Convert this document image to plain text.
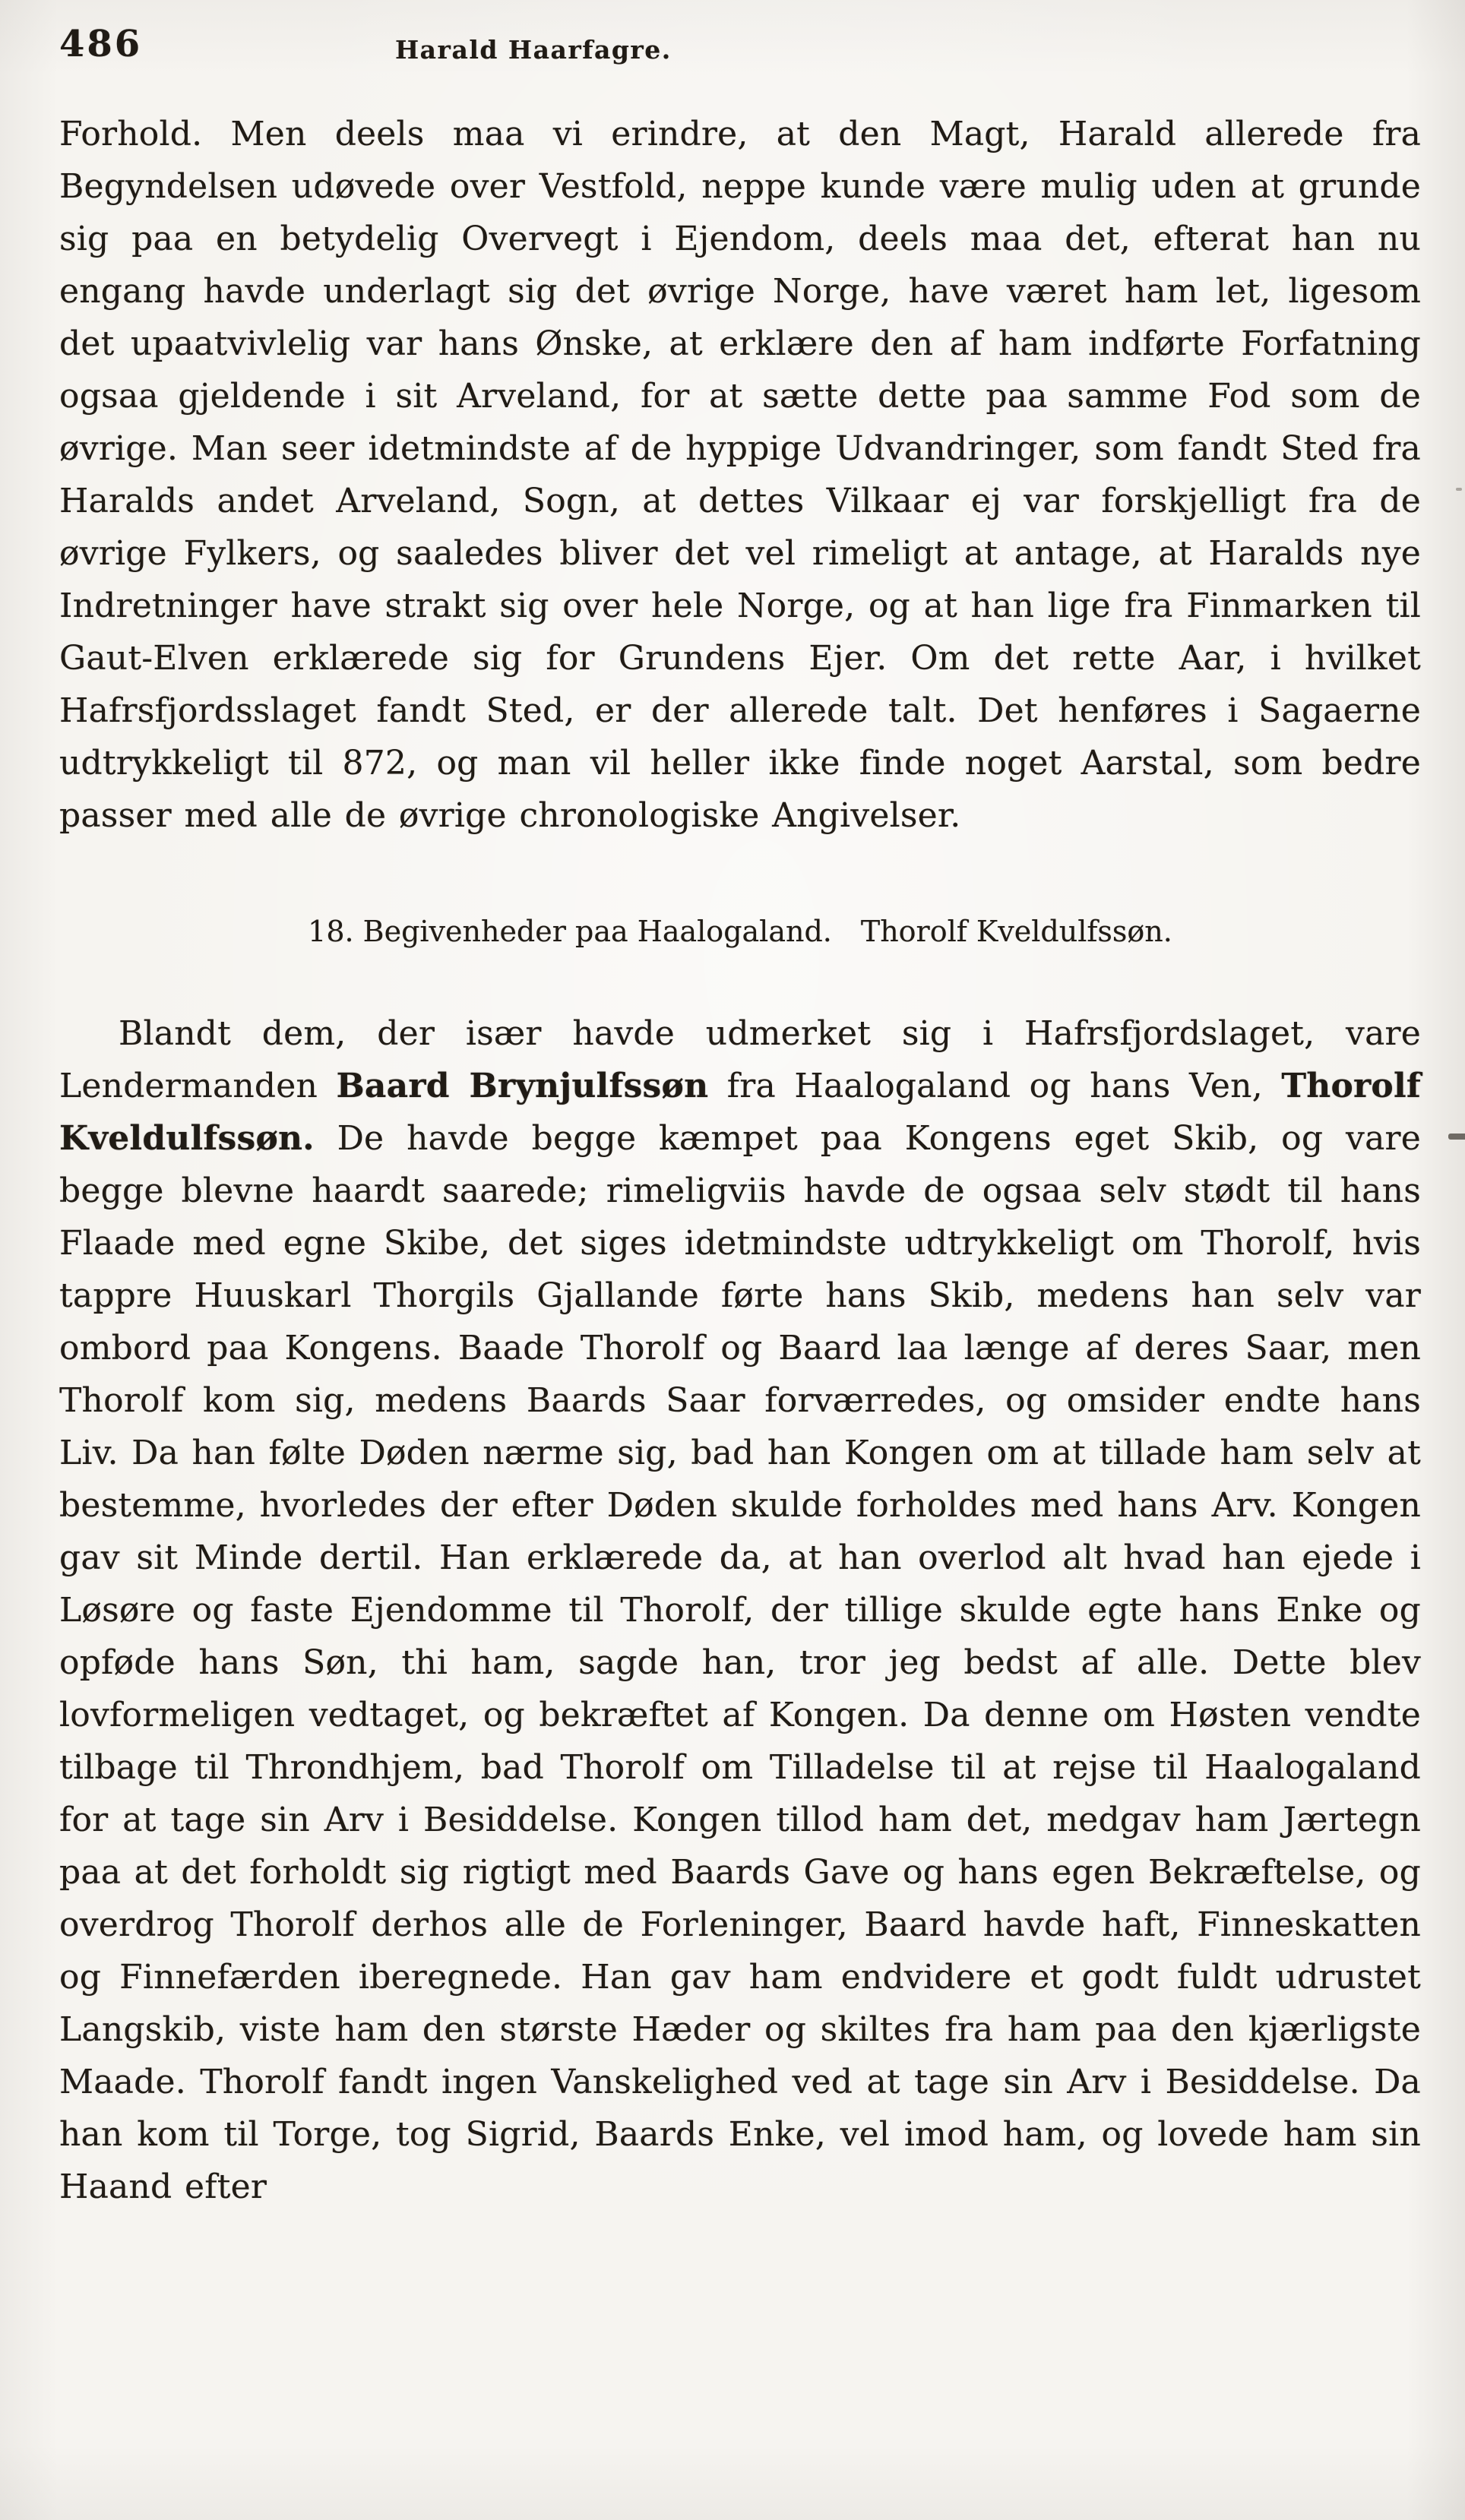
486	Harald Haarfagre.
Forhold. Men deels maa vi erindre, at den Magt, Harald allerede fra Begyndelsen udøvede over Vestfold, neppe kunde være mulig uden at grunde sig paa en betydelig Overvegt i Ejendom, deels maa det, efterat han nu engang havde underlagt sig det øvrige Norge, have været ham let, ligesom det upaatvivlelig var hans Ønske, at erklære den af ham indførte Forfatning ogsaa gjeldende i sit Arveland, for at sætte dette paa samme Fod som de øvrige. Man seer idetmindste af de hyppige Udvandringer, som fandt Sted fra Haralds andet Arveland, Sogn, at dettes Vilkaar ej var forskjelligt fra de øvrige Fylkers, og saaledes bliver det vel rimeligt at antage, at Haralds nye Indretninger have strakt sig over hele Norge, og at han lige fra Finmarken til Gaut-Elven erklærede sig for Grundens Ejer. Om det rette Aar, i hvilket Hafrsfjordsslaget fandt Sted, er der allerede talt. Det henføres i Sagaerne udtrykkeligt til 872, og man vil heller ikke finde noget Aarstal, som bedre passer med alle de øvrige chronologiske Angivelser.
18. Begivenheder paa Haalogaland. Thorolf Kveldulfssøn.
Blandt dem, der især havde udmerket sig i Hafrsfjordslaget, vare Lendermanden Baard Brynjulfssøn fra Haalogaland og hans Ven, Thorolf Kveldulfssøn. De havde begge kæmpet paa Kongens eget Skib, og vare begge blevne haardt saarede; rimeligviis havde de ogsaa selv stødt til hans Flaade med egne Skibe, det siges idetmindste udtrykkeligt om Thorolf, hvis tappre Huuskarl Thorgils Gjallande førte hans Skib, medens han selv var ombord paa Kongens. Baade Thorolf og Baard laa længe af deres Saar, men Thorolf kom sig, medens Baards Saar forværredes, og omsider endte hans Liv. Da han følte Døden nærme sig, bad han Kongen om at tillade ham selv at bestemme, hvorledes der efter Døden skulde forholdes med hans Arv. Kongen gav sit Minde dertil. Han erklærede da, at han overlod alt hvad han ejede i Løsøre og faste Ejendomme til Thorolf, der tillige skulde egte hans Enke og opføde hans Søn, thi ham, sagde han, tror jeg bedst af alle. Dette blev lovformeligen vedtaget, og bekræftet af Kongen. Da denne om Høsten vendte tilbage til Throndhjem, bad Thorolf om Tilladelse til at rejse til Haalogaland for at tage sin Arv i Besiddelse. Kongen tillod ham det, medgav ham Jærtegn paa at det forholdt sig rigtigt med Baards Gave og hans egen Bekræftelse, og overdrog Thorolf derhos alle de Forleninger, Baard havde haft, Finneskatten og Finnefærden iberegnede. Han gav ham endvidere et godt fuldt udrustet Langskib, viste ham den største Hæder og skiltes fra ham paa den kjærligste Maade. Thorolf fandt ingen Vanskelighed ved at tage sin Arv i Besiddelse. Da han kom til Torge, tog Sigrid, Baards Enke, vel imod ham, og lovede ham sin Haand efter
